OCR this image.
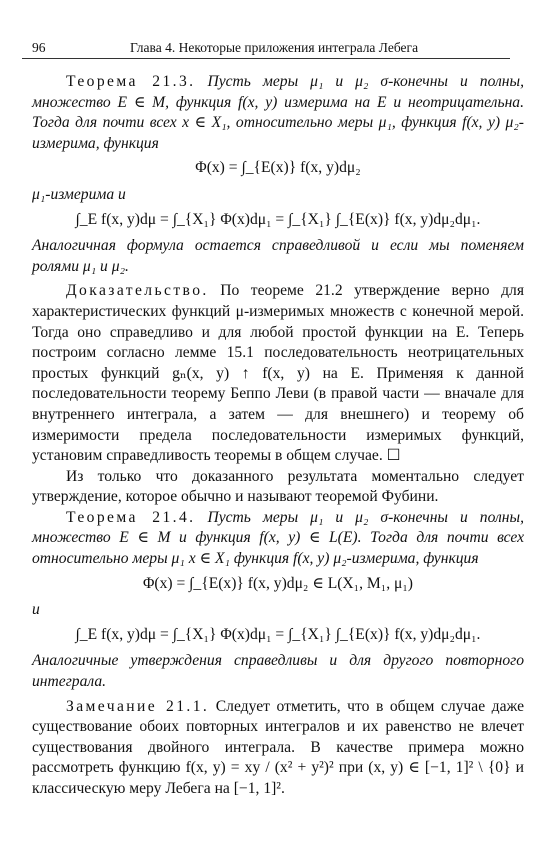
96	Глава 4. Некоторые приложения интеграла Лебега

Теорема 21.3. Пусть меры μ₁ и μ₂ σ-конечны и полны, множество E ∈ M, функция f(x, y) измерима на E и неотрицательна. Тогда для почти всех x ∈ X₁, относительно меры μ₁, функция f(x, y) μ₂-измерима, функция

Φ(x) = ∫_{E(x)} f(x, y)dμ₂

μ₁-измерима и

∫_E f(x, y)dμ = ∫_{X₁} Φ(x)dμ₁ = ∫_{X₁} ∫_{E(x)} f(x, y)dμ₂dμ₁.

Аналогичная формула остается справедливой и если мы поменяем ролями μ₁ и μ₂.

Доказательство. По теореме 21.2 утверждение верно для характеристических функций μ-измеримых множеств с конечной мерой. Тогда оно справедливо и для любой простой функции на E. Теперь построим согласно лемме 15.1 последовательность неотрицательных простых функций gₙ(x, y) ↑ f(x, y) на E. Применяя к данной последовательности теорему Беппо Леви (в правой части — вначале для внутреннего интеграла, а затем — для внешнего) и теорему об измеримости предела последовательности измеримых функций, установим справедливость теоремы в общем случае. ☐

Из только что доказанного результата моментально следует утверждение, которое обычно и называют теоремой Фубини.

Теорема 21.4. Пусть меры μ₁ и μ₂ σ-конечны и полны, множество E ∈ M и функция f(x, y) ∈ L(E). Тогда для почти всех относительно меры μ₁ x ∈ X₁ функция f(x, y) μ₂-измерима, функция

Φ(x) = ∫_{E(x)} f(x, y)dμ₂ ∈ L(X₁, M₁, μ₁)

и

∫_E f(x, y)dμ = ∫_{X₁} Φ(x)dμ₁ = ∫_{X₁} ∫_{E(x)} f(x, y)dμ₂dμ₁.

Аналогичные утверждения справедливы и для другого повторного интеграла.

Замечание 21.1. Следует отметить, что в общем случае даже существование обоих повторных интегралов и их равенство не влечет существования двойного интеграла. В качестве примера можно рассмотреть функцию f(x, y) = xy / (x² + y²)² при (x, y) ∈ [−1, 1]² \ {0} и классическую меру Лебега на [−1, 1]².
